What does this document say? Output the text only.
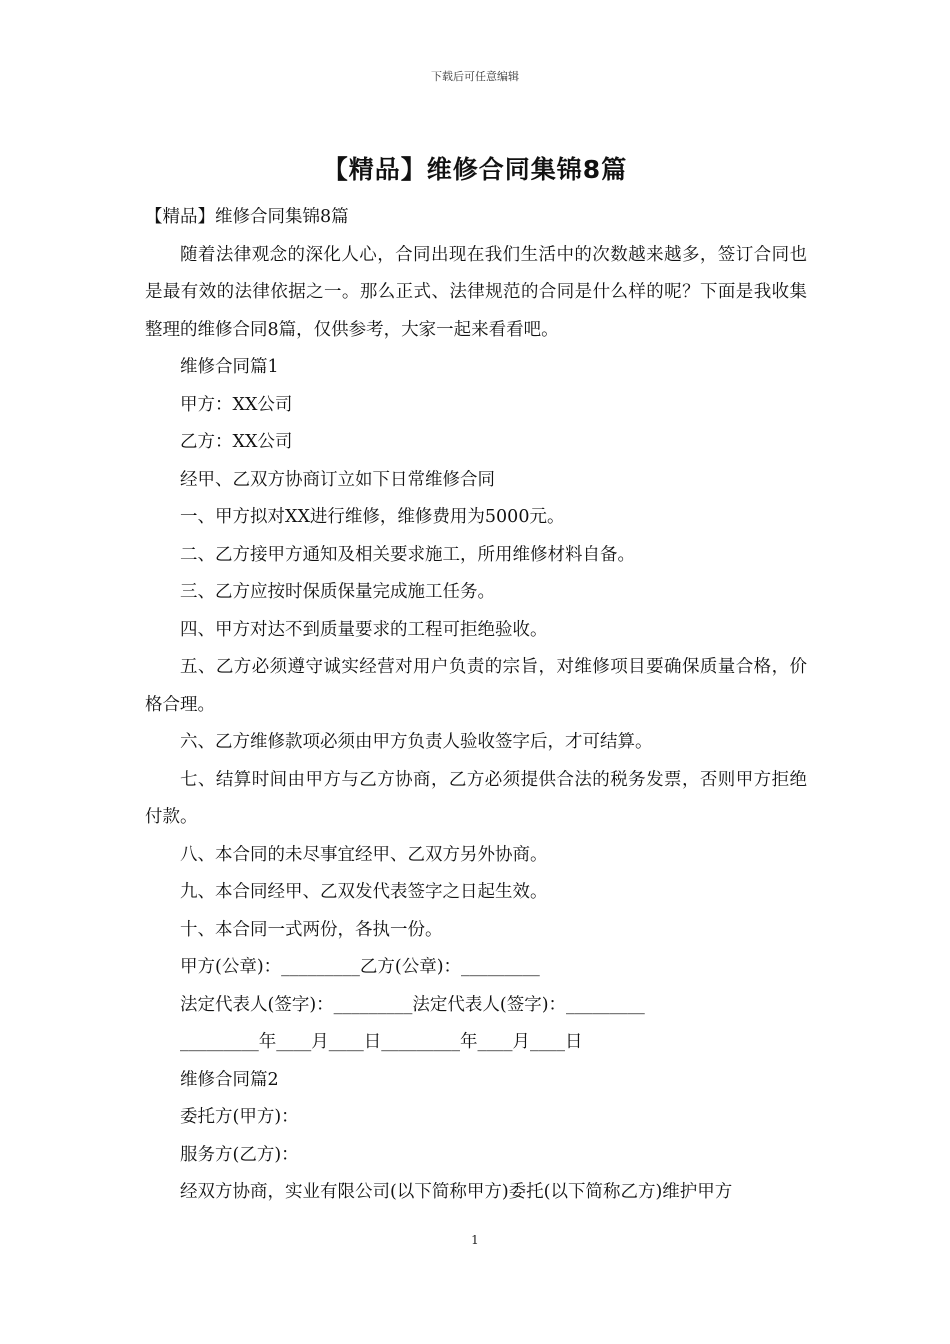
下载后可任意编辑
【精品】维修合同集锦8篇

【精品】维修合同集锦8篇

随着法律观念的深化人心，合同出现在我们生活中的次数越来越多，签订合同也是最有效的法律依据之一。那么正式、法律规范的合同是什么样的呢？下面是我收集整理的维修合同8篇，仅供参考，大家一起来看看吧。

维修合同篇1

甲方：XX公司

乙方：XX公司

经甲、乙双方协商订立如下日常维修合同

一、甲方拟对XX进行维修，维修费用为5000元。

二、乙方接甲方通知及相关要求施工，所用维修材料自备。

三、乙方应按时保质保量完成施工任务。

四、甲方对达不到质量要求的工程可拒绝验收。

五、乙方必须遵守诚实经营对用户负责的宗旨，对维修项目要确保质量合格，价格合理。

六、乙方维修款项必须由甲方负责人验收签字后，才可结算。

七、结算时间由甲方与乙方协商，乙方必须提供合法的税务发票，否则甲方拒绝付款。

八、本合同的未尽事宜经甲、乙双方另外协商。

九、本合同经甲、乙双发代表签字之日起生效。

十、本合同一式两份，各执一份。

甲方(公章)：_________乙方(公章)：_________

法定代表人(签字)：_________法定代表人(签字)：_________

_________年____月____日_________年____月____日

维修合同篇2

委托方(甲方)：

服务方(乙方)：

经双方协商，实业有限公司(以下简称甲方)委托(以下简称乙方)维护甲方

1
